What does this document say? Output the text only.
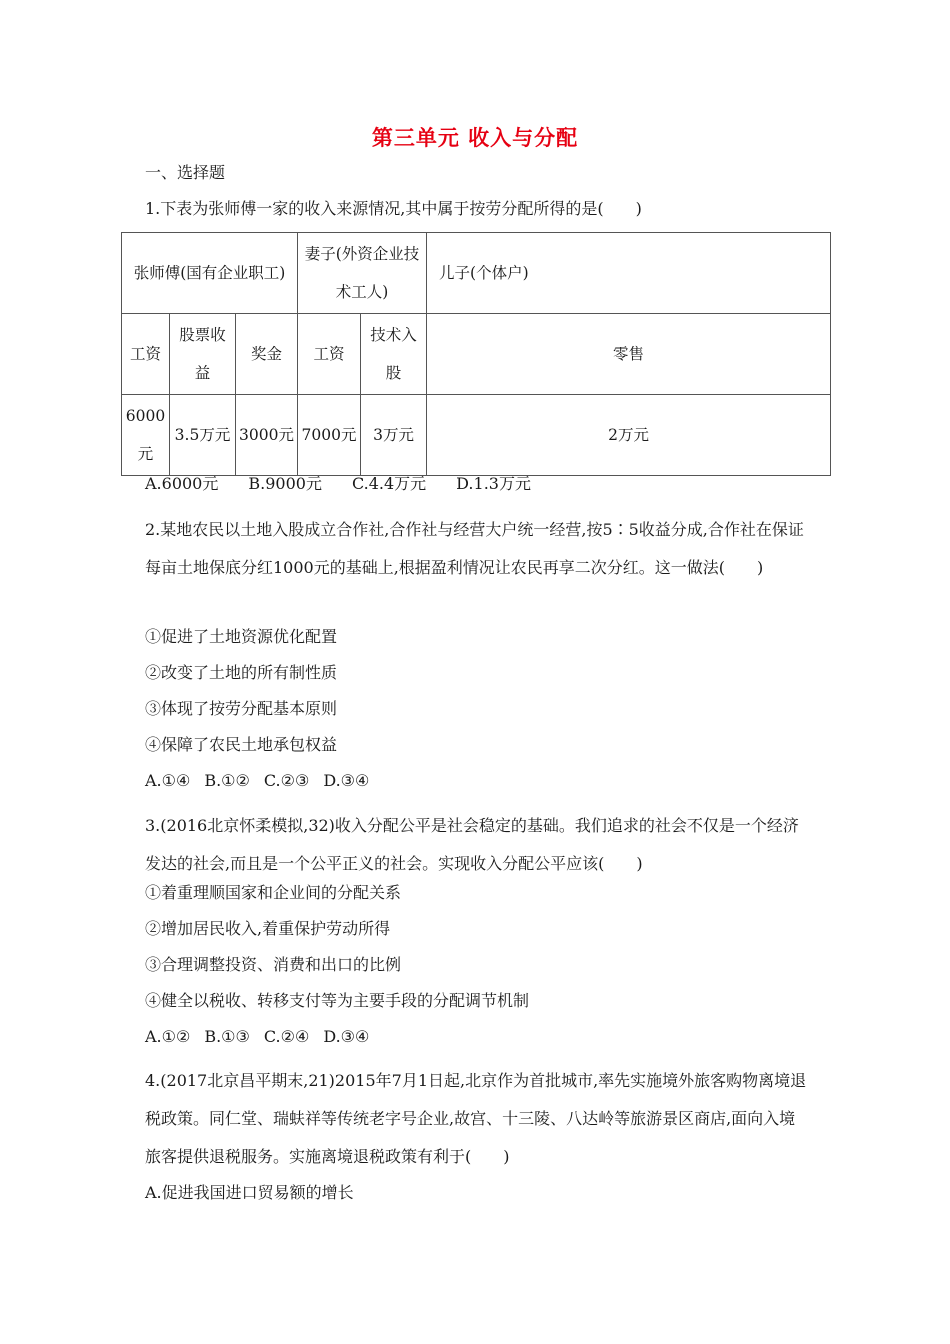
第三单元 收入与分配
一、选择题
1.下表为张师傅一家的收入来源情况,其中属于按劳分配所得的是(　　)
张师傅(国有企业职工)			妻子(外资企业技术工人)		儿子(个体户)
工资	股票收益	奖金	工资	技术入股	零售
6000元	3.5万元	3000元	7000元	3万元	2万元
A.6000元 B.9000元 C.4.4万元 D.1.3万元
2.某地农民以土地入股成立合作社,合作社与经营大户统一经营,按5∶5收益分成,合作社在保证每亩土地保底分红1000元的基础上,根据盈利情况让农民再享二次分红。这一做法(　　)
①促进了土地资源优化配置
②改变了土地的所有制性质
③体现了按劳分配基本原则
④保障了农民土地承包权益
A.①④ B.①② C.②③ D.③④
3.(2016北京怀柔模拟,32)收入分配公平是社会稳定的基础。我们追求的社会不仅是一个经济发达的社会,而且是一个公平正义的社会。实现收入分配公平应该(　　)
①着重理顺国家和企业间的分配关系
②增加居民收入,着重保护劳动所得
③合理调整投资、消费和出口的比例
④健全以税收、转移支付等为主要手段的分配调节机制
A.①② B.①③ C.②④ D.③④
4.(2017北京昌平期末,21)2015年7月1日起,北京作为首批城市,率先实施境外旅客购物离境退税政策。同仁堂、瑞蚨祥等传统老字号企业,故宫、十三陵、八达岭等旅游景区商店,面向入境旅客提供退税服务。实施离境退税政策有利于(　　)
A.促进我国进口贸易额的增长
